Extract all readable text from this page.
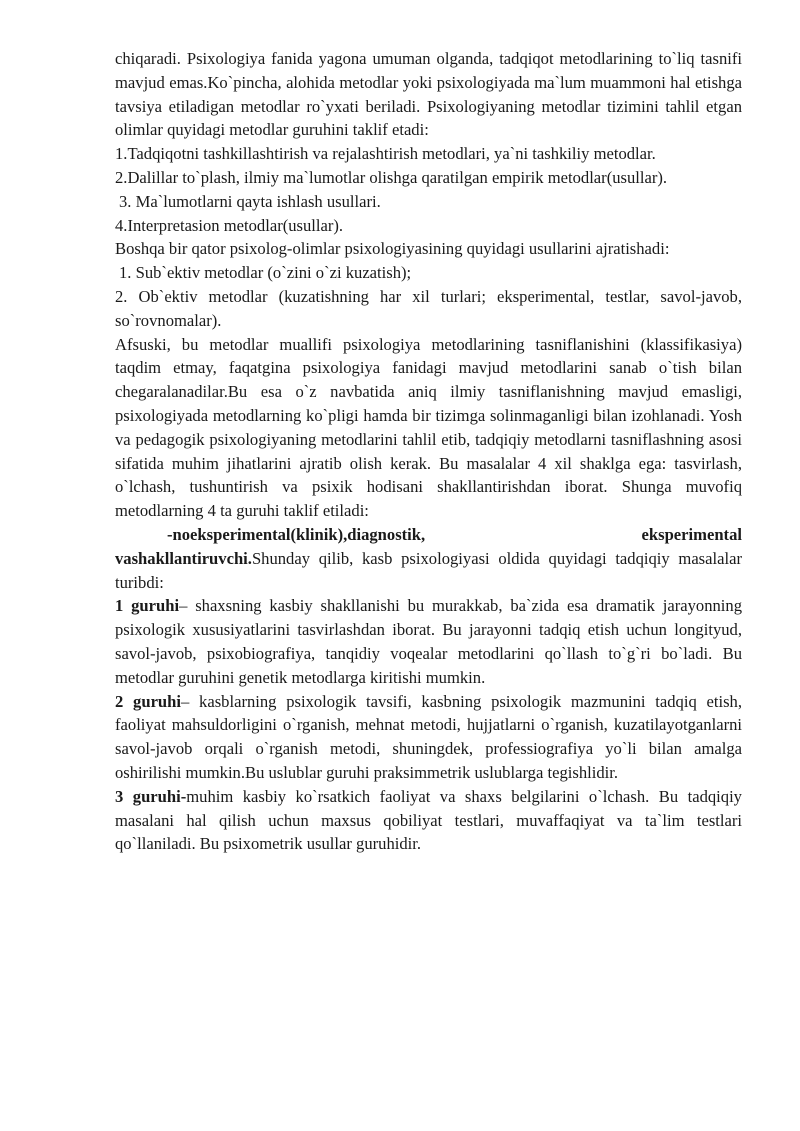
chiqaradi. Psixologiya fanida yagona umuman olganda, tadqiqot metodlarining to`liq tasnifi mavjud emas.Ko`pincha, alohida metodlar yoki psixologiyada ma`lum muammoni hal etishga tavsiya etiladigan metodlar ro`yxati beriladi. Psixologiyaning metodlar tizimini tahlil etgan olimlar quyidagi metodlar guruhini taklif etadi:

1.Tadqiqotni tashkillashtirish va rejalashtirish metodlari, ya`ni tashkiliy metodlar.

2.Dalillar to`plash, ilmiy ma`lumotlar olishga qaratilgan empirik metodlar(usullar).

3. Ma`lumotlarni qayta ishlash usullari.

4.Interpretasion metodlar(usullar).

Boshqa bir qator psixolog-olimlar psixologiyasining quyidagi usullarini ajratishadi:

1. Sub`ektiv metodlar (o`zini o`zi kuzatish);

2. Ob`ektiv metodlar (kuzatishning har xil turlari; eksperimental, testlar, savol-javob, so`rovnomalar).

Afsuski, bu metodlar muallifi psixologiya metodlarining tasniflanishini (klassifikasiya) taqdim etmay, faqatgina psixologiya fanidagi mavjud metodlarini sanab o`tish bilan chegaralanadilar.Bu esa o`z navbatida aniq ilmiy tasniflanishning mavjud emasligi, psixologiyada metodlarning ko`pligi hamda bir tizimga solinmaganligi bilan izohlanadi. Yosh va pedagogik psixologiyaning metodlarini tahlil etib, tadqiqiy metodlarni tasniflashning asosi sifatida muhim jihatlarini ajratib olish kerak. Bu masalalar 4 xil shaklga ega: tasvirlash, o`lchash, tushuntirish va psixik hodisani shakllantirishdan iborat. Shunga muvofiq metodlarning 4 ta guruhi taklif etiladi:

-noeksperimental(klinik),diagnostik, eksperimental

vashakllantiruvchi.Shunday qilib, kasb psixologiyasi oldida quyidagi tadqiqiy masalalar turibdi:

1 guruhi– shaxsning kasbiy shakllanishi bu murakkab, ba`zida esa dramatik jarayonning psixologik xususiyatlarini tasvirlashdan iborat. Bu jarayonni tadqiq etish uchun longityud, savol-javob, psixobiografiya, tanqidiy voqealar metodlarini qo`llash to`g`ri bo`ladi. Bu metodlar guruhini genetik metodlarga kiritishi mumkin.

2 guruhi– kasblarning psixologik tavsifi, kasbning psixologik mazmunini tadqiq etish, faoliyat mahsuldorligini o`rganish, mehnat metodi, hujjatlarni o`rganish, kuzatilayotganlarni savol-javob orqali o`rganish metodi, shuningdek, professiografiya yo`li bilan amalga oshirilishi mumkin.Bu uslublar guruhi praksimmetrik uslublarga tegishlidir.

3 guruhi-muhim kasbiy ko`rsatkich faoliyat va shaxs belgilarini o`lchash. Bu tadqiqiy masalani hal qilish uchun maxsus qobiliyat testlari, muvaffaqiyat va ta`lim testlari qo`llaniladi. Bu psixometrik usullar guruhidir.
